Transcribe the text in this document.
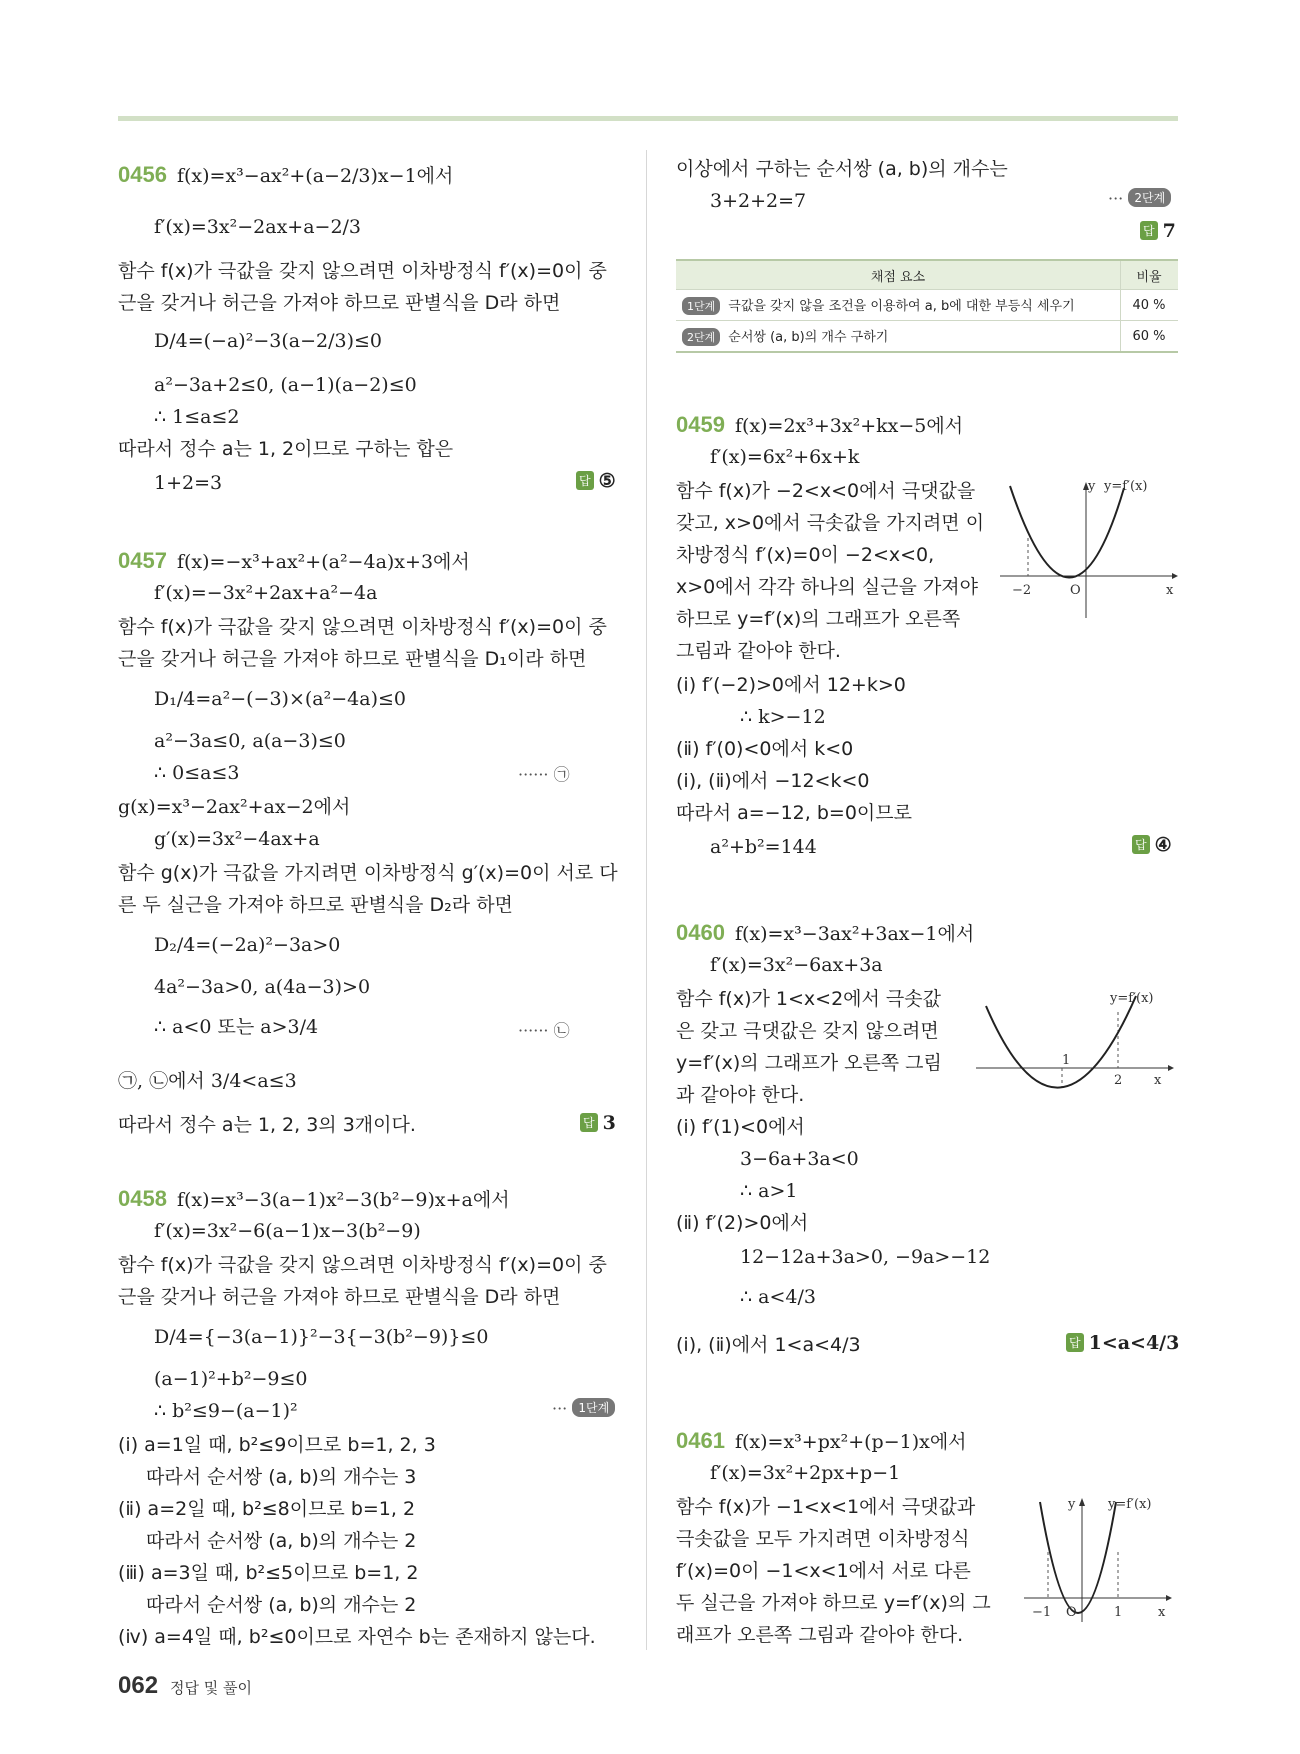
0456 f(x)=x³−ax²+(a−2/3)x−1에서
f′(x)=3x²−2ax+a−2/3
함수 f(x)가 극값을 갖지 않으려면 이차방정식 f′(x)=0이 중
근을 갖거나 허근을 가져야 하므로 판별식을 D라 하면
D/4=(−a)²−3(a−2/3)≤0
a²−3a+2≤0, (a−1)(a−2)≤0
∴ 1≤a≤2
따라서 정수 a는 1, 2이므로 구하는 합은
1+2=3	답 ⑤
0457 f(x)=−x³+ax²+(a²−4a)x+3에서
f′(x)=−3x²+2ax+a²−4a
함수 f(x)가 극값을 갖지 않으려면 이차방정식 f′(x)=0이 중
근을 갖거나 허근을 가져야 하므로 판별식을 D₁이라 하면
D₁/4=a²−(−3)×(a²−4a)≤0
a²−3a≤0, a(a−3)≤0
∴ 0≤a≤3	······ ㉠
g(x)=x³−2ax²+ax−2에서
g′(x)=3x²−4ax+a
함수 g(x)가 극값을 가지려면 이차방정식 g′(x)=0이 서로 다
른 두 실근을 가져야 하므로 판별식을 D₂라 하면
D₂/4=(−2a)²−3a>0
4a²−3a>0, a(4a−3)>0
∴ a<0 또는 a>3/4	······ ㉡
㉠, ㉡에서 3/4<a≤3
따라서 정수 a는 1, 2, 3의 3개이다.	답 3
0458 f(x)=x³−3(a−1)x²−3(b²−9)x+a에서
f′(x)=3x²−6(a−1)x−3(b²−9)
함수 f(x)가 극값을 갖지 않으려면 이차방정식 f′(x)=0이 중
근을 갖거나 허근을 가져야 하므로 판별식을 D라 하면
D/4={−3(a−1)}²−3{−3(b²−9)}≤0
(a−1)²+b²−9≤0
∴ b²≤9−(a−1)²	··· 1단계
(ⅰ) a=1일 때, b²≤9이므로 b=1, 2, 3
따라서 순서쌍 (a, b)의 개수는 3
(ⅱ) a=2일 때, b²≤8이므로 b=1, 2
따라서 순서쌍 (a, b)의 개수는 2
(ⅲ) a=3일 때, b²≤5이므로 b=1, 2
따라서 순서쌍 (a, b)의 개수는 2
(ⅳ) a=4일 때, b²≤0이므로 자연수 b는 존재하지 않는다.
이상에서 구하는 순서쌍 (a, b)의 개수는
3+2+2=7	··· 2단계
답 7
채점 요소	비율
1단계 극값을 갖지 않을 조건을 이용하여 a, b에 대한 부등식 세우기	40 %
2단계 순서쌍 (a, b)의 개수 구하기	60 %
0459 f(x)=2x³+3x²+kx−5에서
f′(x)=6x²+6x+k
함수 f(x)가 −2<x<0에서 극댓값을
갖고, x>0에서 극솟값을 가지려면 이
차방정식 f′(x)=0이 −2<x<0,
x>0에서 각각 하나의 실근을 가져야
하므로 y=f′(x)의 그래프가 오른쪽
그림과 같아야 한다.
(ⅰ) f′(−2)>0에서 12+k>0
∴ k>−12
(ⅱ) f′(0)<0에서 k<0
(ⅰ), (ⅱ)에서 −12<k<0
따라서 a=−12, b=0이므로
a²+b²=144	답 ④
y y=f′(x)
x
O
−2
0460 f(x)=x³−3ax²+3ax−1에서
f′(x)=3x²−6ax+3a
함수 f(x)가 1<x<2에서 극솟값
은 갖고 극댓값은 갖지 않으려면
y=f′(x)의 그래프가 오른쪽 그림
과 같아야 한다.
(ⅰ) f′(1)<0에서
3−6a+3a<0
∴ a>1
(ⅱ) f′(2)>0에서
12−12a+3a>0, −9a>−12
∴ a<4/3
(ⅰ), (ⅱ)에서 1<a<4/3	답 1<a<4/3
y=f′(x)
1
2 x
0461 f(x)=x³+px²+(p−1)x에서
f′(x)=3x²+2px+p−1
함수 f(x)가 −1<x<1에서 극댓값과
극솟값을 모두 가지려면 이차방정식
f′(x)=0이 −1<x<1에서 서로 다른
두 실근을 가져야 하므로 y=f′(x)의 그
래프가 오른쪽 그림과 같아야 한다.
y	y=f′(x)
−1 O	1	x
062 정답 및 풀이
